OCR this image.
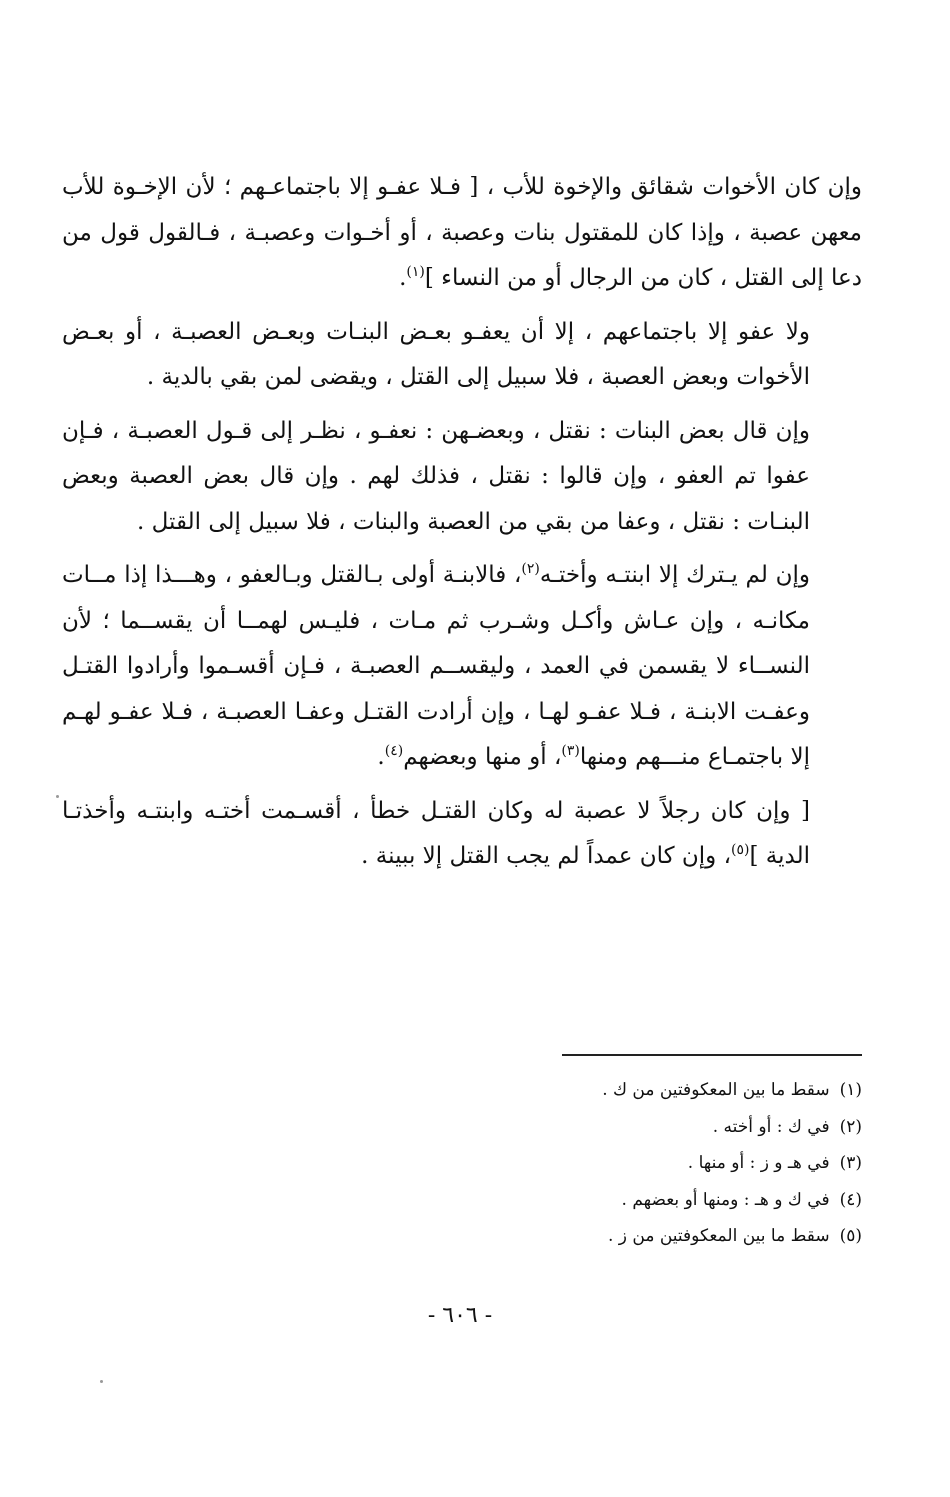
وإن كان الأخوات شقائق والإخوة للأب ، [ فـلا عفـو إلا باجتماعـهم ؛ لأن الإخـوة للأب معهن عصبة ، وإذا كان للمقتول بنات وعصبة ، أو أخـوات وعصبـة ، فـالقول قول من دعا إلى القتل ، كان من الرجال أو من النساء ]$^{(١)}$.

ولا عفو إلا باجتماعهم ، إلا أن يعفـو بعـض البنـات وبعـض العصبـة ، أو بعـض الأخوات وبعض العصبة ، فلا سبيل إلى القتل ، ويقضى لمن بقي بالدية .

وإن قال بعض البنات : نقتل ، وبعضـهن : نعفـو ، نظـر إلى قـول العصبـة ، فـإن عفوا تم العفو ، وإن قالوا : نقتل ، فذلك لهم . وإن قال بعض العصبة وبعض البنـات : نقتل ، وعفا من بقي من العصبة والبنات ، فلا سبيل إلى القتل .

وإن لم يـترك إلا ابنتـه وأختـه$^{(٢)}$، فالابنـة أولى بـالقتل وبـالعفو ، وهـــذا إذا مــات مكانـه ، وإن عـاش وأكـل وشـرب ثم مـات ، فليـس لهمــا أن يقســما ؛ لأن النســاء لا يقسمن في العمد ، وليقســم العصبـة ، فـإن أقسـموا وأرادوا القتـل وعفـت الابنـة ، فـلا عفـو لهـا ، وإن أرادت القتـل وعفـا العصبـة ، فـلا عفـو لهـم إلا باجتمـاع منـــهم ومنها$^{(٣)}$، أو منها وبعضهم$^{(٤)}$.

[ وإن كان رجلاً لا عصبة له وكان القتـل خطأ ، أقسـمت أختـه وابنتـه وأخذتـا الدية ]$^{(٥)}$، وإن كان عمداً لم يجب القتل إلا ببينة .

(١)سقط ما بين المعكوفتين من ك .
(٢)في ك : أو أخته .
(٣)في هـ و ز : أو منها .
(٤)في ك و هـ : ومنها أو بعضهم .
(٥)سقط ما بين المعكوفتين من ز .
- ٦٠٦ -
